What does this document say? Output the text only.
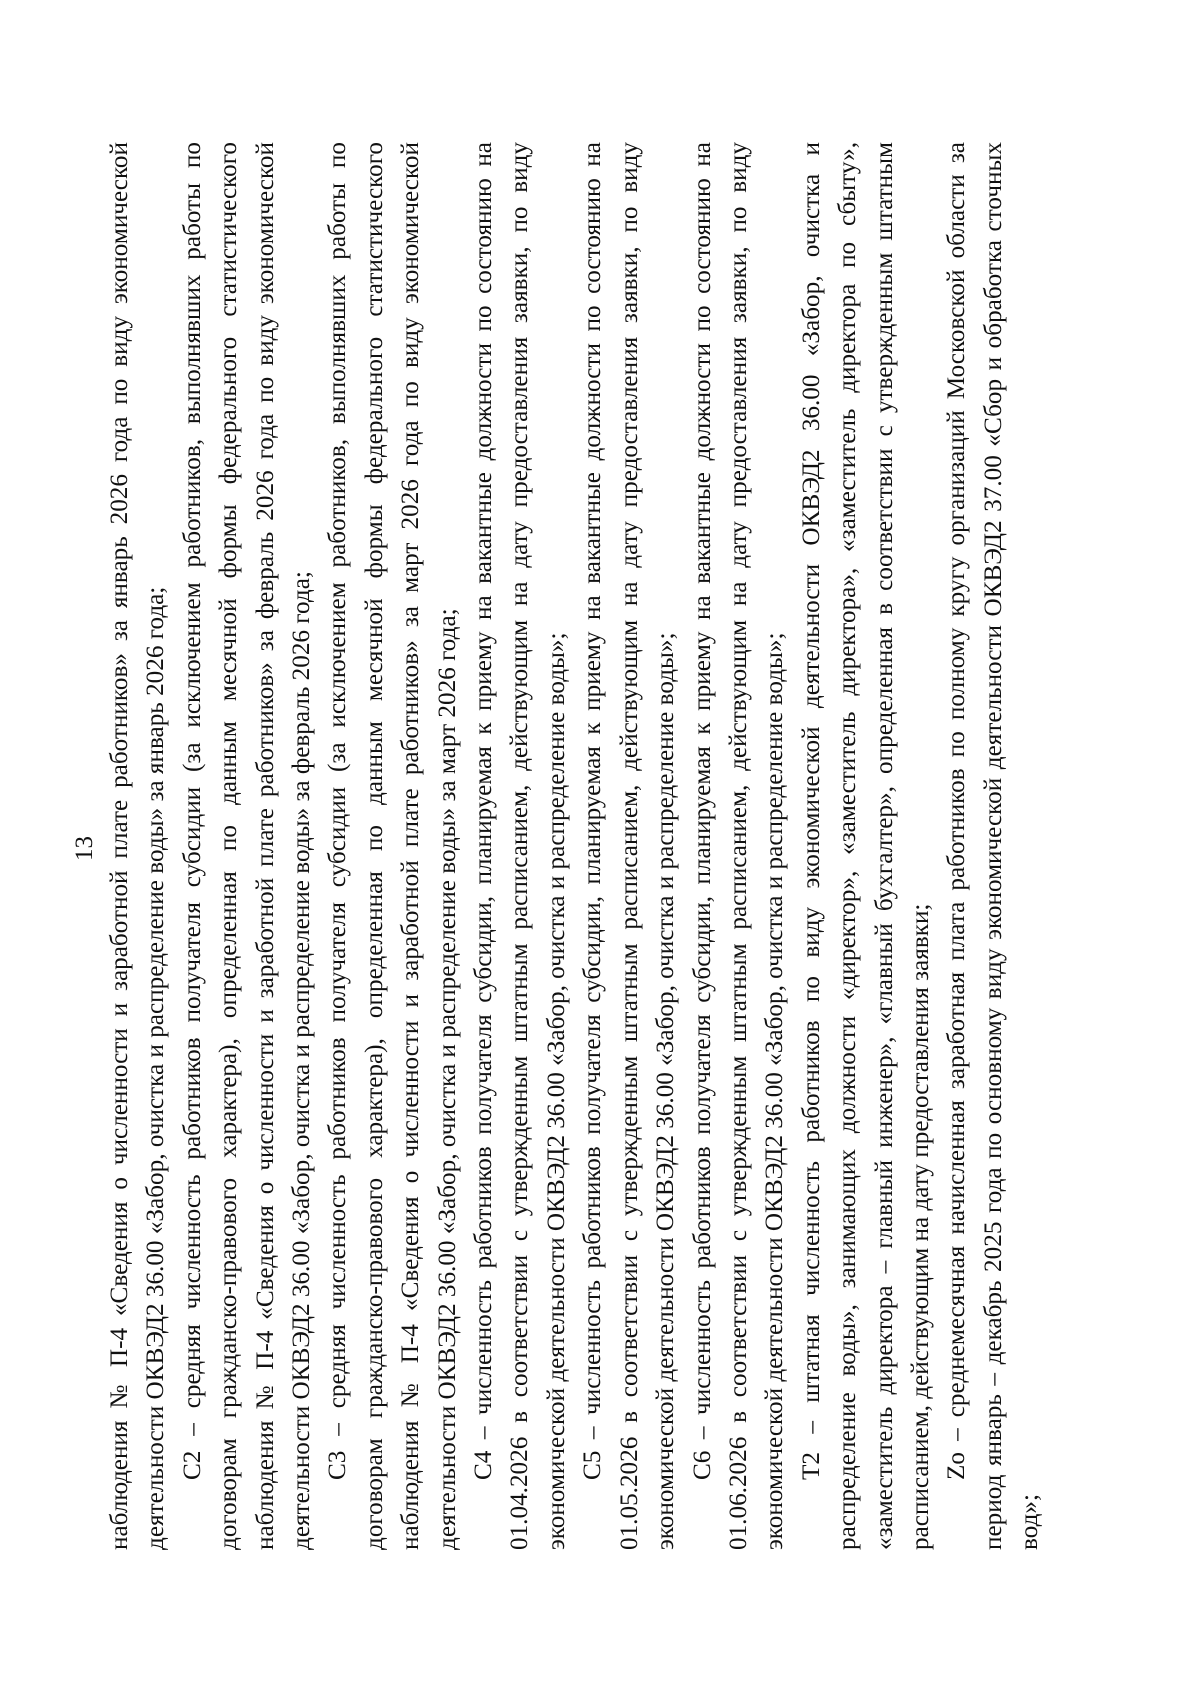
13 наблюдения № П-4 «Сведения о численности и заработной плате работников» за январь 2026 года по виду экономической деятельности ОКВЭД2 36.00 «Забор, очистка и распределение воды» за январь 2026 года; С2 – средняя численность работников получателя субсидии (за исключением работников, выполнявших работы по договорам гражданско-правового характера), определенная по данным месячной формы федерального статистического наблюдения № П-4 «Сведения о численности и заработной плате работников» за февраль 2026 года по виду экономической деятельности ОКВЭД2 36.00 «Забор, очистка и распределение воды» за февраль 2026 года; С3 – средняя численность работников получателя субсидии (за исключением работников, выполнявших работы по договорам гражданско-правового характера), определенная по данным месячной формы федерального статистического наблюдения № П-4 «Сведения о численности и заработной плате работников» за март 2026 года по виду экономической деятельности ОКВЭД2 36.00 «Забор, очистка и распределение воды» за март 2026 года; С4 – численность работников получателя субсидии, планируемая к приему на вакантные должности по состоянию на 01.04.2026 в соответствии с утвержденным штатным расписанием, действующим на дату предоставления заявки, по виду экономической деятельности ОКВЭД2 36.00 «Забор, очистка и распределение воды»; С5 – численность работников получателя субсидии, планируемая к приему на вакантные должности по состоянию на 01.05.2026 в соответствии с утвержденным штатным расписанием, действующим на дату предоставления заявки, по виду экономической деятельности ОКВЭД2 36.00 «Забор, очистка и распределение воды»; С6 – численность работников получателя субсидии, планируемая к приему на вакантные должности по состоянию на 01.06.2026 в соответствии с утвержденным штатным расписанием, действующим на дату предоставления заявки, по виду экономической деятельности ОКВЭД2 36.00 «Забор, очистка и распределение воды»; Т2 – штатная численность работников по виду экономической деятельности ОКВЭД2 36.00 «Забор, очистка и распределение воды», занимающих должности «директор», «заместитель директора», «заместитель директора по сбыту», «заместитель директора – главный инженер», «главный бухгалтер», определенная в соответствии с утвержденным штатным расписанием, действующим на дату предоставления заявки; Zо – среднемесячная начисленная заработная плата работников по полному кругу организаций Московской области за период январь – декабрь 2025 года по основному виду экономической деятельности ОКВЭД2 37.00 «Сбор и обработка сточных вод»;
